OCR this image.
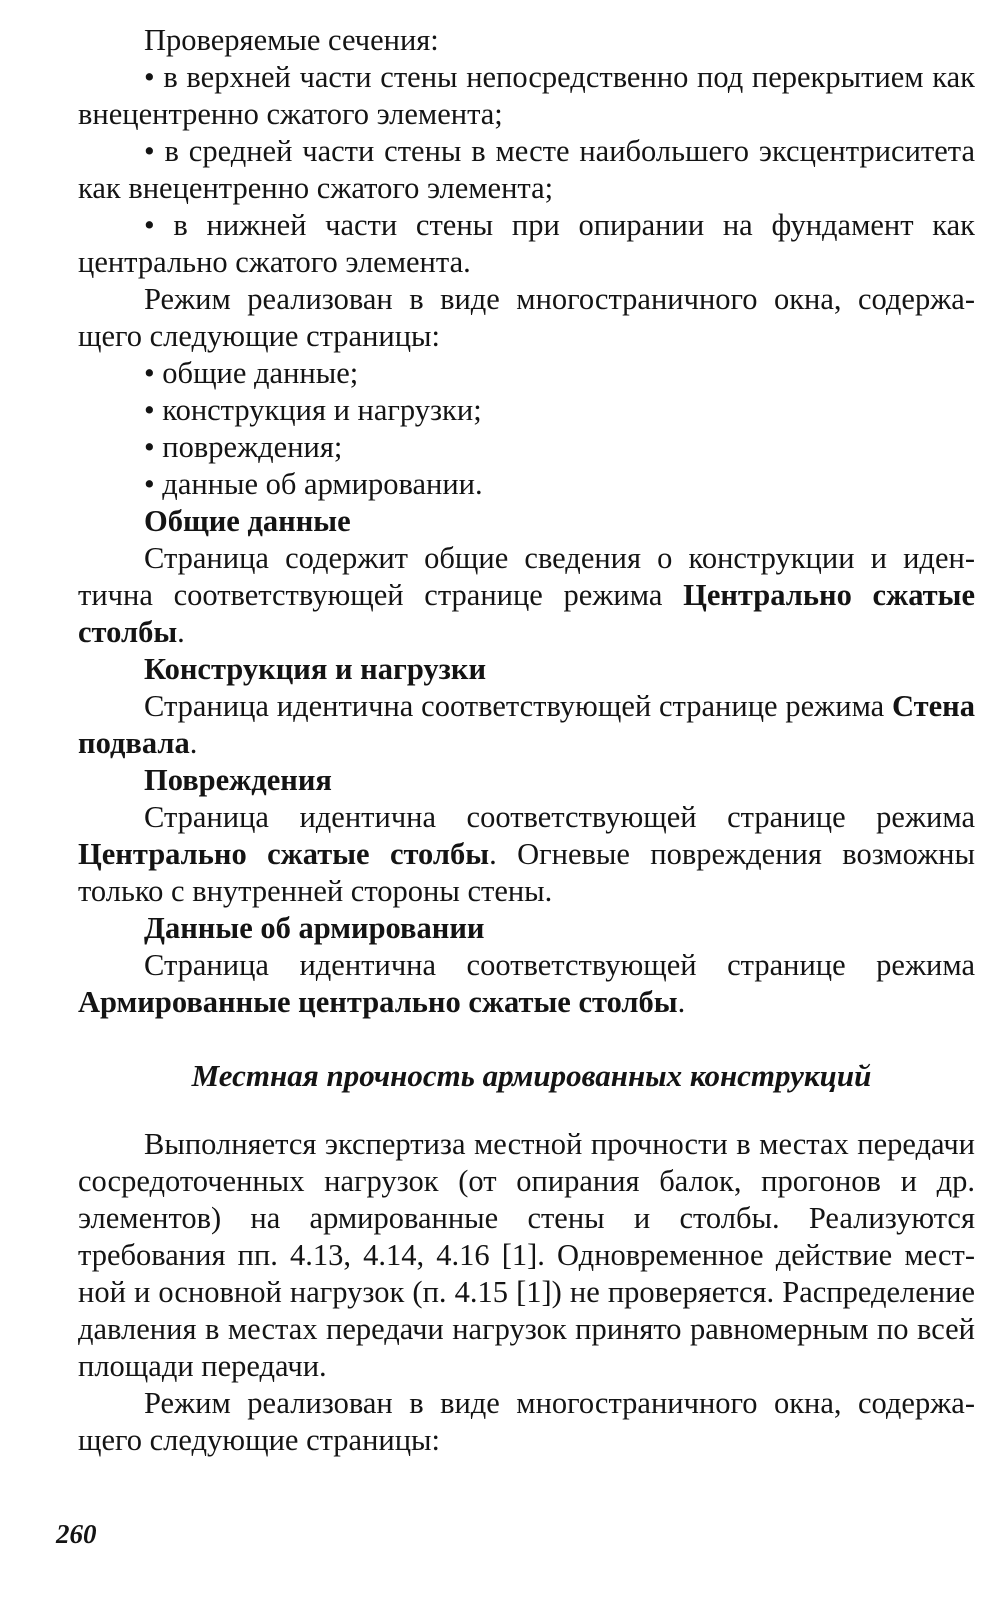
Проверяемые сечения:

• в верхней части стены непосредственно под перекрытием как внецентренно сжатого элемента;

• в средней части стены в месте наибольшего эксцентриситета как внецентренно сжатого элемента;

• в нижней части стены при опирании на фундамент как центрально сжатого элемента.

Режим реализован в виде многостраничного окна, содержащего следующие страницы:

• общие данные;

• конструкция и нагрузки;

• повреждения;

• данные об армировании.

Общие данные

Страница содержит общие сведения о конструкции и идентична соответствующей странице режима Центрально сжатые столбы.

Конструкция и нагрузки

Страница идентична соответствующей странице режима Стена подвала.

Повреждения

Страница идентична соответствующей странице режима Центрально сжатые столбы. Огневые повреждения возможны только с внутренней стороны стены.

Данные об армировании

Страница идентична соответствующей странице режима Армированные центрально сжатые столбы.

Местная прочность армированных конструкций

Выполняется экспертиза местной прочности в местах передачи сосредоточенных нагрузок (от опирания балок, прогонов и др. элементов) на армированные стены и столбы. Реализуются требования пп. 4.13, 4.14, 4.16 [1]. Одновременное действие местной и основной нагрузок (п. 4.15 [1]) не проверяется. Распределение давления в местах передачи нагрузок принято равномерным по всей площади передачи.

Режим реализован в виде многостраничного окна, содержащего следующие страницы:

260
